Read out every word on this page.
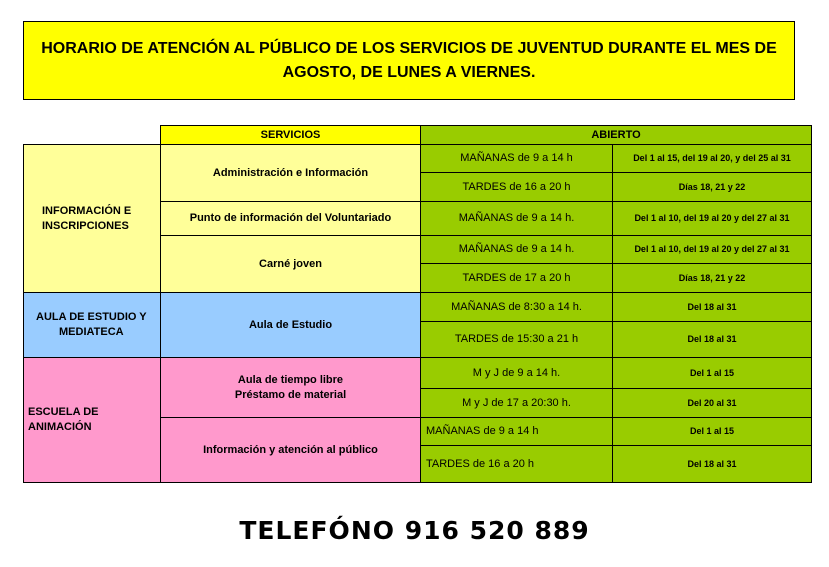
HORARIO DE ATENCIÓN AL PÚBLICO DE LOS SERVICIOS DE JUVENTUD DURANTE EL MES DE AGOSTO, DE LUNES A VIERNES.
SERVICIOS	ABIERTO
INFORMACIÓN E
INSCRIPCIONES
AULA DE ESTUDIO Y
MEDIATECA
ESCUELA DE
ANIMACIÓN
Administración e Información
Punto de información del Voluntariado
Carné joven
Aula de Estudio
Aula de tiempo libre
Préstamo de material
Información y atención al público
MAÑANAS de 9 a 14 h
TARDES de 16 a 20 h
MAÑANAS de 9 a 14 h.
MAÑANAS de 9 a 14 h.
TARDES de 17 a 20 h
MAÑANAS de 8:30 a 14 h.
TARDES de 15:30 a 21 h
M y J de 9 a 14 h.
M y J de 17 a 20:30 h.
MAÑANAS de 9 a 14 h
TARDES de 16 a 20 h
Del 1 al 15, del 19 al 20, y del 25 al 31
Días 18, 21 y 22
Del 1 al 10, del 19 al 20 y del 27 al 31
Del 1 al 10, del 19 al 20 y del 27 al 31
Días 18, 21 y 22
Del 18 al 31
Del 18 al 31
Del 1 al 15
Del 20 al 31
Del 1 al 15
Del 18 al 31
TELEFÓNO 916 520 889
